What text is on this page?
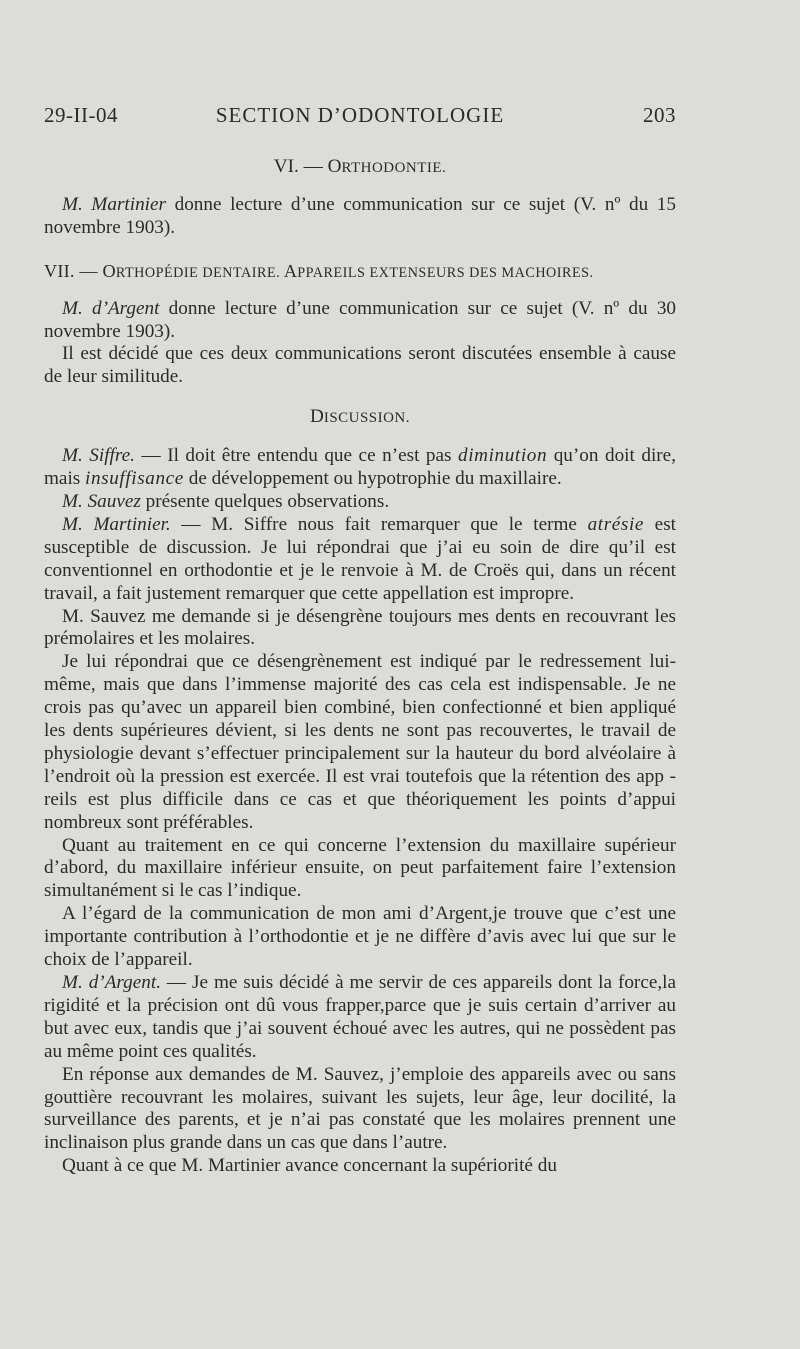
29-II-04	SECTION D’ODONTOLOGIE	203
VI. — ORTHODONTIE.

M. Martinier donne lecture d’une communication sur ce sujet (V. nº du 15 novembre 1903).

VII. — ORTHOPÉDIE DENTAIRE. APPAREILS EXTENSEURS DES MACHOIRES.

M. d’Argent donne lecture d’une communication sur ce sujet (V. nº du 30 novembre 1903).

Il est décidé que ces deux communications seront discutées ensemble à cause de leur similitude.

DISCUSSION.

M. Siffre. — Il doit être entendu que ce n’est pas diminution qu’on doit dire, mais insuffisance de développement ou hypotrophie du maxillaire.

M. Sauvez présente quelques observations.

M. Martinier. — M. Siffre nous fait remarquer que le terme atrésie est susceptible de discussion. Je lui répondrai que j’ai eu soin de dire qu’il est conventionnel en orthodontie et je le renvoie à M. de Croës qui, dans un récent travail, a fait justement remarquer que cette appellation est impropre.

M. Sauvez me demande si je désengrène toujours mes dents en recouvrant les prémolaires et les molaires.

Je lui répondrai que ce désengrènement est indiqué par le redressement lui-même, mais que dans l’immense majorité des cas cela est indispensable. Je ne crois pas qu’avec un appareil bien combiné, bien confectionné et bien appliqué les dents supérieures dévient, si les dents ne sont pas recouvertes, le travail de physiologie devant s’effectuer principalement sur la hauteur du bord alvéolaire à l’endroit où la pression est exercée. Il est vrai toutefois que la rétention des app - reils est plus difficile dans ce cas et que théoriquement les points d’appui nombreux sont préférables.

Quant au traitement en ce qui concerne l’extension du maxillaire supérieur d’abord, du maxillaire inférieur ensuite, on peut parfaitement faire l’extension simultanément si le cas l’indique.

A l’égard de la communication de mon ami d’Argent,je trouve que c’est une importante contribution à l’orthodontie et je ne diffère d’avis avec lui que sur le choix de l’appareil.

M. d’Argent. — Je me suis décidé à me servir de ces appareils dont la force,la rigidité et la précision ont dû vous frapper,parce que je suis certain d’arriver au but avec eux, tandis que j’ai souvent échoué avec les autres, qui ne possèdent pas au même point ces qualités.

En réponse aux demandes de M. Sauvez, j’emploie des appareils avec ou sans gouttière recouvrant les molaires, suivant les sujets, leur âge, leur docilité, la surveillance des parents, et je n’ai pas constaté que les molaires prennent une inclinaison plus grande dans un cas que dans l’autre.

Quant à ce que M. Martinier avance concernant la supériorité du
